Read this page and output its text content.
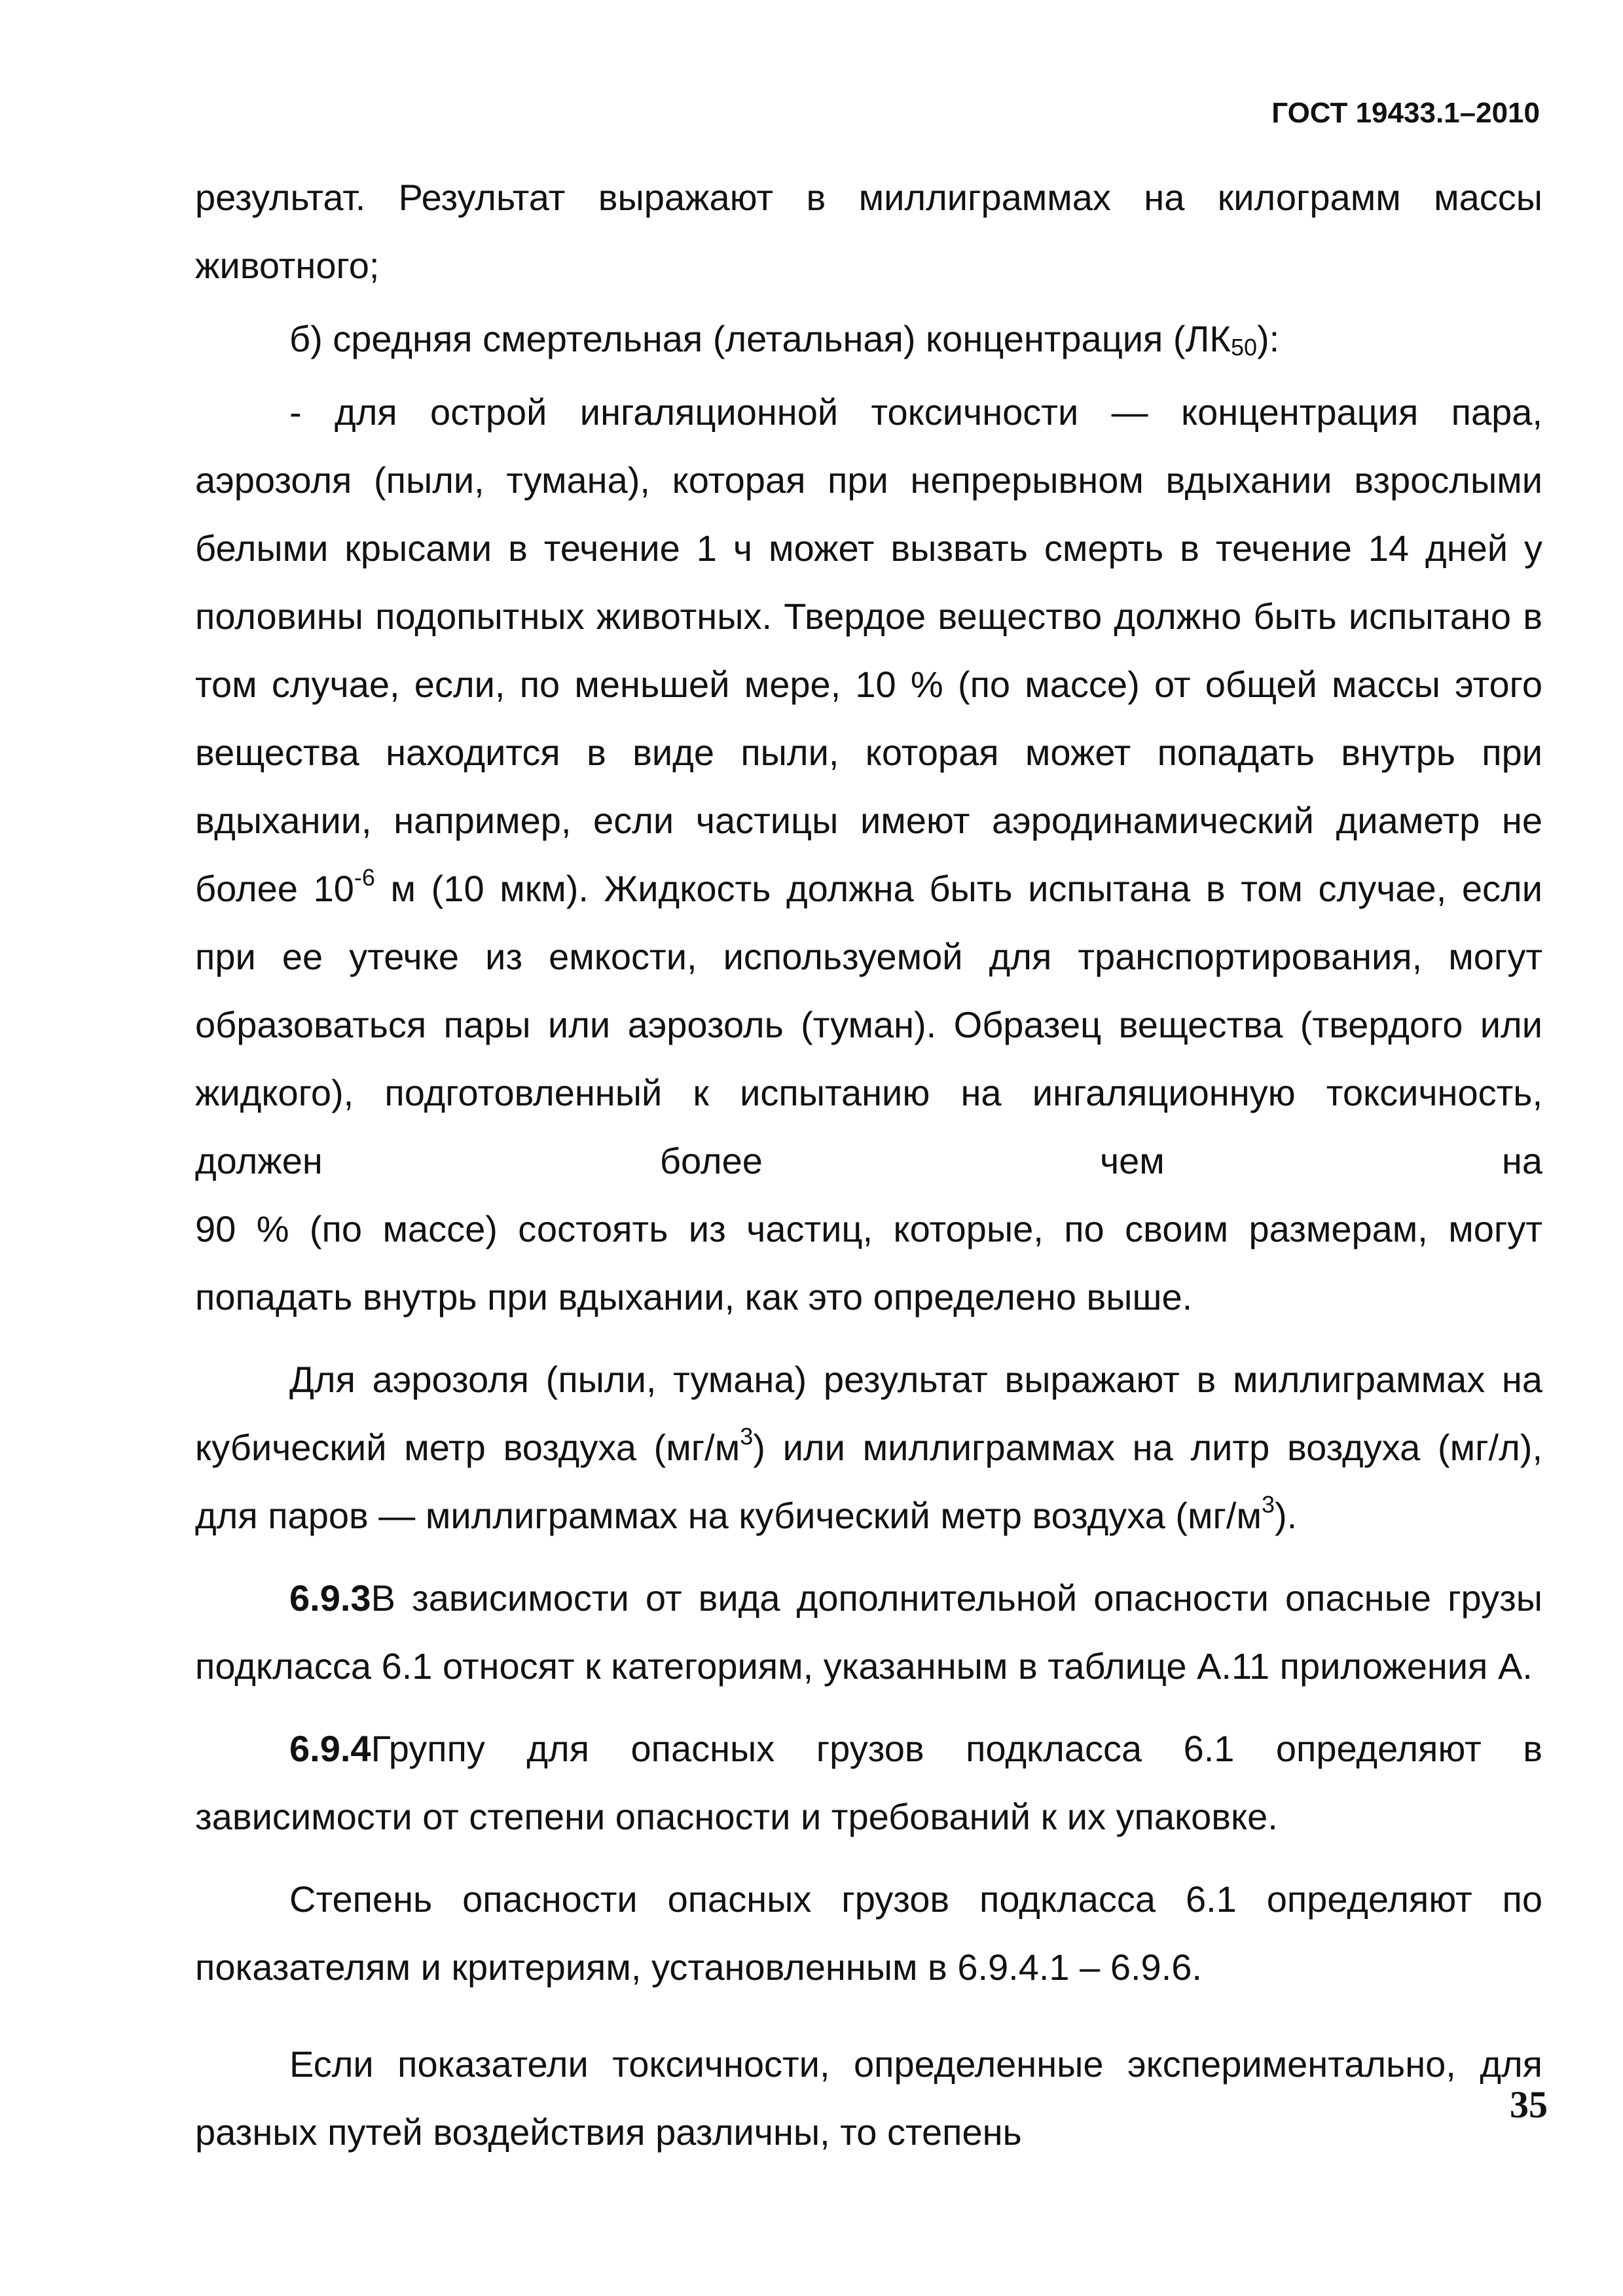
ГОСТ 19433.1–2010

результат. Результат выражают в миллиграммах на килограмм массы животного;

б) средняя смертельная (летальная) концентрация $(ЛК_{50})$:

- для острой ингаляционной токсичности — концентрация пара, аэрозоля (пыли, тумана), которая при непрерывном вдыхании взрослыми белыми крысами в течение 1 ч может вызвать смерть в течение 14 дней у половины подопытных животных. Твердое вещество должно быть испытано в том случае, если, по меньшей мере, 10 % (по массе) от общей массы этого вещества находится в виде пыли, которая может попадать внутрь при вдыхании, например, если частицы имеют аэродинамический диаметр не более $10^{-6}$ м (10 мкм). Жидкость должна быть испытана в том случае, если при ее утечке из емкости, используемой для транспортирования, могут образоваться пары или аэрозоль (туман). Образец вещества (твердого или жидкого), подготовленный к испытанию на ингаляционную токсичность, должен более чем на

90 % (по массе) состоять из частиц, которые, по своим размерам, могут попадать внутрь при вдыхании, как это определено выше.

Для аэрозоля (пыли, тумана) результат выражают в миллиграммах на кубический метр воздуха $(мг/м^3)$ или миллиграммах на литр воздуха (мг/л), для паров — миллиграммах на кубический метр воздуха $(мг/м^3)$.

6.9.3В зависимости от вида дополнительной опасности опасные грузы подкласса 6.1 относят к категориям, указанным в таблице А.11 приложения А.

6.9.4Группу для опасных грузов подкласса 6.1 определяют в зависимости от степени опасности и требований к их упаковке.

Степень опасности опасных грузов подкласса 6.1 определяют по показателям и критериям, установленным в 6.9.4.1 – 6.9.6.

Если показатели токсичности, определенные экспериментально, для разных путей воздействия различны, то степень

35
